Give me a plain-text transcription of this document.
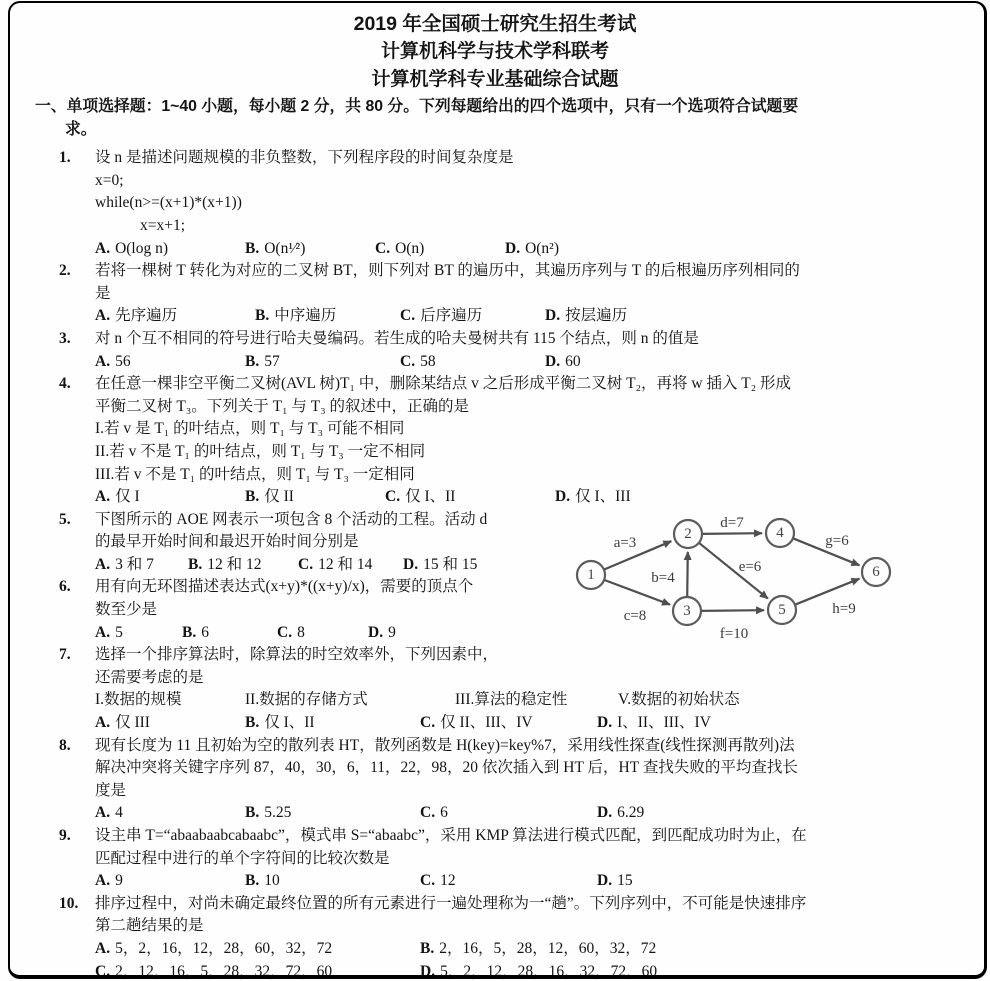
2019 年全国硕士研究生招生考试
计算机科学与技术学科联考
计算机学科专业基础综合试题
一、单项选择题：1~40 小题，每小题 2 分，共 80 分。下列每题给出的四个选项中，只有一个选项符合试题要
求。
1.	设 n 是描述问题规模的非负整数，下列程序段的时间复杂度是
x=0;
while(n>=(x+1)*(x+1))
x=x+1;
A. O(log n)	B. O(n¹⁄²)	C. O(n)	D. O(n²)
2.	若将一棵树 T 转化为对应的二叉树 BT，则下列对 BT 的遍历中，其遍历序列与 T 的后根遍历序列相同的
是
A. 先序遍历	B. 中序遍历	C. 后序遍历	D. 按层遍历
3.	对 n 个互不相同的符号进行哈夫曼编码。若生成的哈夫曼树共有 115 个结点，则 n 的值是
A. 56	B. 57	C. 58	D. 60
4.	在任意一棵非空平衡二叉树(AVL 树)T₁ 中，删除某结点 v 之后形成平衡二叉树 T₂，再将 w 插入 T₂ 形成
平衡二叉树 T₃。下列关于 T₁ 与 T₃ 的叙述中，正确的是
I.若 v 是 T₁ 的叶结点，则 T₁ 与 T₃ 可能不相同
II.若 v 不是 T₁ 的叶结点，则 T₁ 与 T₃ 一定不相同
III.若 v 不是 T₁ 的叶结点，则 T₁ 与 T₃ 一定相同
A. 仅 I	B. 仅 II	C. 仅 I、II	D. 仅 I、III
5.	下图所示的 AOE 网表示一项包含 8 个活动的工程。活动 d
的最早开始时间和最迟开始时间分别是
A. 3 和 7	B. 12 和 12	C. 12 和 14	D. 15 和 15
6.	用有向无环图描述表达式(x+y)*((x+y)/x)，需要的顶点个
数至少是
A. 5	B. 6	C. 8	D. 9
7.	选择一个排序算法时，除算法的时空效率外，下列因素中，
还需要考虑的是
I.数据的规模	II.数据的存储方式	III.算法的稳定性	V.数据的初始状态
A. 仅 III	B. 仅 I、II	C. 仅 II、III、IV	D. I、II、III、IV
8.	现有长度为 11 且初始为空的散列表 HT，散列函数是 H(key)=key%7，采用线性探查(线性探测再散列)法
解决冲突将关键字序列 87，40，30，6，11，22，98，20 依次插入到 HT 后，HT 查找失败的平均查找长
度是
A. 4	B. 5.25	C. 6	D. 6.29
9.	设主串 T=“abaabaabcabaabc”，模式串 S=“abaabc”，采用 KMP 算法进行模式匹配，到匹配成功时为止，在
匹配过程中进行的单个字符间的比较次数是
A. 9	B. 10	C. 12	D. 15
10.	排序过程中，对尚未确定最终位置的所有元素进行一遍处理称为一“趟”。下列序列中，不可能是快速排序
第二趟结果的是
A. 5，2，16，12，28，60，32，72	B. 2，16，5，28，12，60，32，72
C. 2，12，16，5，28，32，72，60	D. 5，2，12，28，16，32，72，60
1
2
3
4
5
6
a=3
c=8
b=4
d=7
e=6
f=10
g=6
h=9
